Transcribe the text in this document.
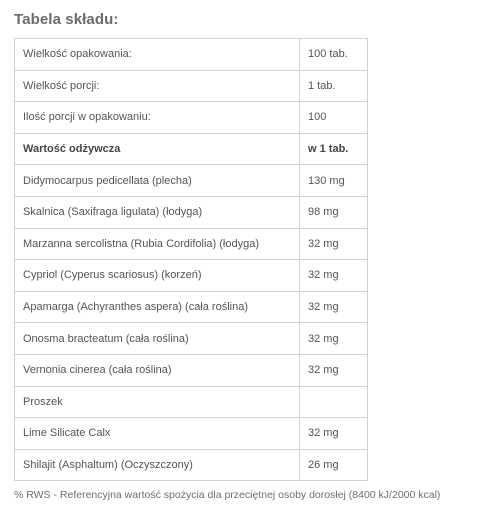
Tabela składu:
Wielkość opakowania:	100 tab.
Wielkość porcji:	1 tab.
Ilość porcji w opakowaniu:	100
Wartość odżywcza	w 1 tab.
Didymocarpus pedicellata (plecha)	130 mg
Skalnica (Saxifraga ligulata) (łodyga)	98 mg
Marzanna sercolistna (Rubia Cordifolia) (łodyga)	32 mg
Cypriol (Cyperus scariosus) (korzeń)	32 mg
Apamarga (Achyranthes aspera) (cała roślina)	32 mg
Onosma bracteatum (cała roślina)	32 mg
Vernonia cinerea (cała roślina)	32 mg
Proszek	
Lime Silicate Calx	32 mg
Shilajit (Asphaltum) (Oczyszczony)	26 mg
% RWS - Referencyjna wartość spożycia dla przeciętnej osoby dorosłej (8400 kJ/2000 kcal)
